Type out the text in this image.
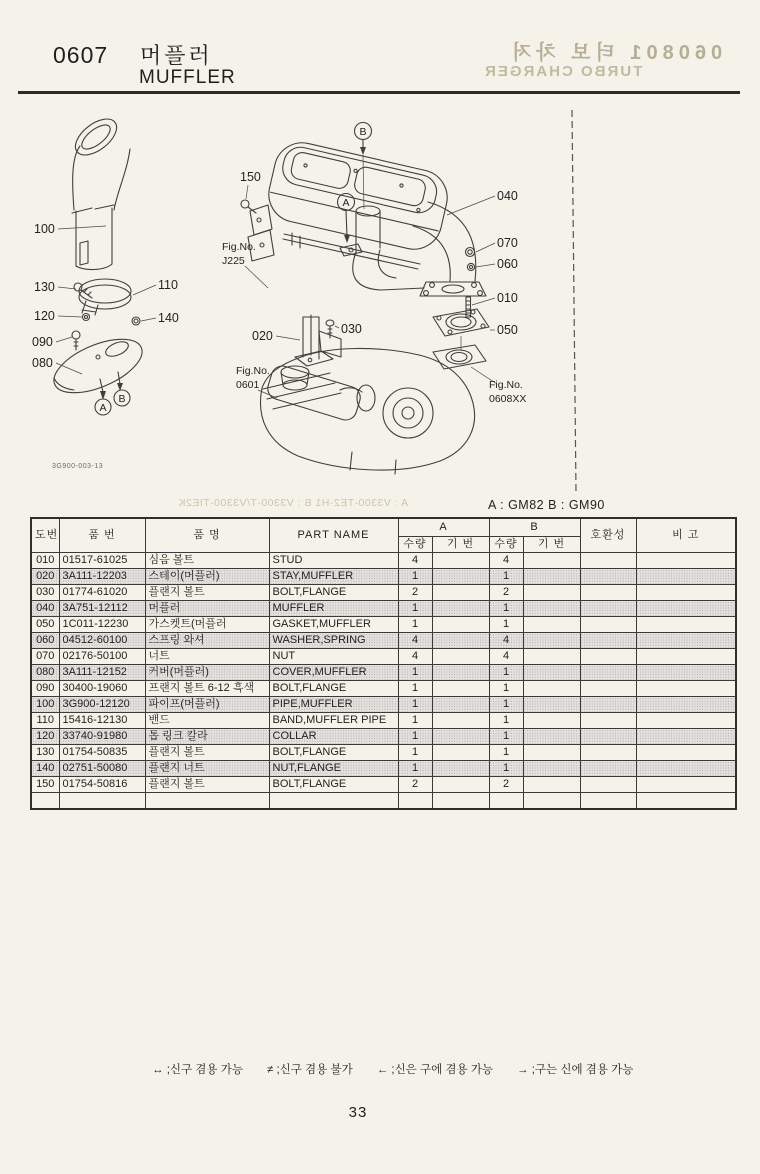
0607 머플러
MUFFLER
060801 터보 차저
TURBO CHARGER
A : V3300-TE2-H1 B : V3300-T/V3300-TIE2K
A
B
B
A
100
130	110
120	140
090
080
150
020	030
040
070
060
010
050
Fig.No.
J225
Fig.No.
0601	Fig.No.
0608XX
3G900-003-13
A : GM82 B : GM90
도번	품 번	품 명	PART NAME	A		B		호환성	비 고
				수량	기 번	수량	기 번		
010	01517-61025	심음 볼트	STUD	4		4			
020	3A111-12203	스테이(머플러)	STAY,MUFFLER	1		1			
030	01774-61020	플랜지 볼트	BOLT,FLANGE	2		2			
040	3A751-12112	머플러	MUFFLER	1		1			
050	1C011-12230	가스켓트(머플러	GASKET,MUFFLER	1		1			
060	04512-60100	스프링 와셔	WASHER,SPRING	4		4			
070	02176-50100	너트	NUT	4		4			
080	3A111-12152	커버(머플러)	COVER,MUFFLER	1		1			
090	30400-19060	프랜지 볼트 6-12 흑색	BOLT,FLANGE	1		1			
100	3G900-12120	파이프(머플러)	PIPE,MUFFLER	1		1			
110	15416-12130	밴드	BAND,MUFFLER PIPE	1		1			
120	33740-91980	톱 링크 칼라	COLLAR	1		1			
130	01754-50835	플랜지 볼트	BOLT,FLANGE	1		1			
140	02751-50080	플랜지 너트	NUT,FLANGE	1		1			
150	01754-50816	플랜지 볼트	BOLT,FLANGE	2		2			

↔ ;신구 겸용 가능 ≠ ;신구 겸용 불가 ← ;신은 구에 겸용 가능 → ;구는 신에 겸용 가능
33
